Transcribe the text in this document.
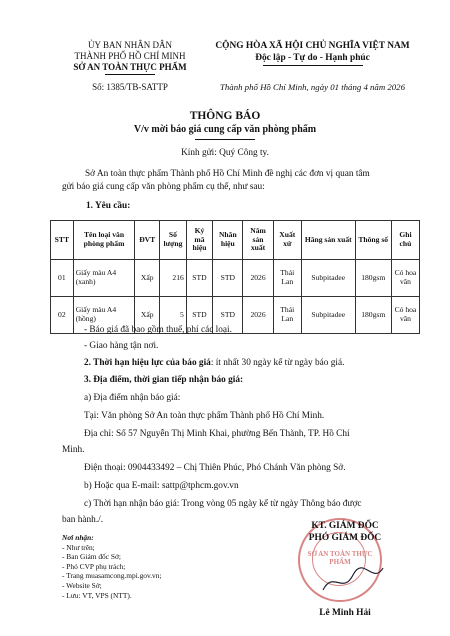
ỦY BAN NHÂN DÂN
THÀNH PHỐ HỒ CHÍ MINH
SỞ AN TOÀN THỰC PHẨM
Số: 1385/TB-SATTP
CỘNG HÒA XÃ HỘI CHỦ NGHĨA VIỆT NAM
Độc lập - Tự do - Hạnh phúc
Thành phố Hồ Chí Minh, ngày 01 tháng 4 năm 2026
THÔNG BÁO
V/v mời báo giá cung cấp văn phòng phẩm
Kính gửi: Quý Công ty.
Sở An toàn thực phẩm Thành phố Hồ Chí Minh đề nghị các đơn vị quan tâm
gửi báo giá cung cấp văn phòng phẩm cụ thể, như sau:
1. Yêu cầu:
STT	Tên loại văn phòng phẩm	ĐVT	Số lượng	Ký mã hiệu	Nhãn hiệu	Năm sản xuất	Xuất xứ	Hãng sản xuất	Thông số	Ghi chú
01	Giấy màu A4 (xanh)	Xấp	216	STD	STD	2026	Thái Lan	Subpitadee	180gsm	Có hoa văn
02	Giấy màu A4 (hồng)	Xấp	5	STD	STD	2026	Thái Lan	Subpitadee	180gsm	Có hoa văn
- Báo giá đã bao gồm thuế, phí các loại.
- Giao hàng tận nơi.
2. Thời hạn hiệu lực của báo giá: ít nhất 30 ngày kể từ ngày báo giá.
3. Địa điểm, thời gian tiếp nhận báo giá:
a) Địa điểm nhận báo giá:
Tại: Văn phòng Sở An toàn thực phẩm Thành phố Hồ Chí Minh.
Địa chỉ: Số 57 Nguyễn Thị Minh Khai, phường Bến Thành, TP. Hồ Chí
Minh.
Điện thoại: 0904433492 – Chị Thiên Phúc, Phó Chánh Văn phòng Sở.
b) Hoặc qua E-mail: sattp@tphcm.gov.vn
c) Thời hạn nhận báo giá: Trong vòng 05 ngày kể từ ngày Thông báo được
ban hành./.
Nơi nhận:
- Như trên;
- Ban Giám đốc Sở;
- Phó CVP phụ trách;
- Trang muasamcong.mpi.gov.vn;
- Website Sở;
- Lưu: VT, VPS (NTT).
SỞ AN TOÀN THỰC PHẨM
KT. GIÁM ĐỐC
PHÓ GIÁM ĐỐC
Lê Minh Hải
